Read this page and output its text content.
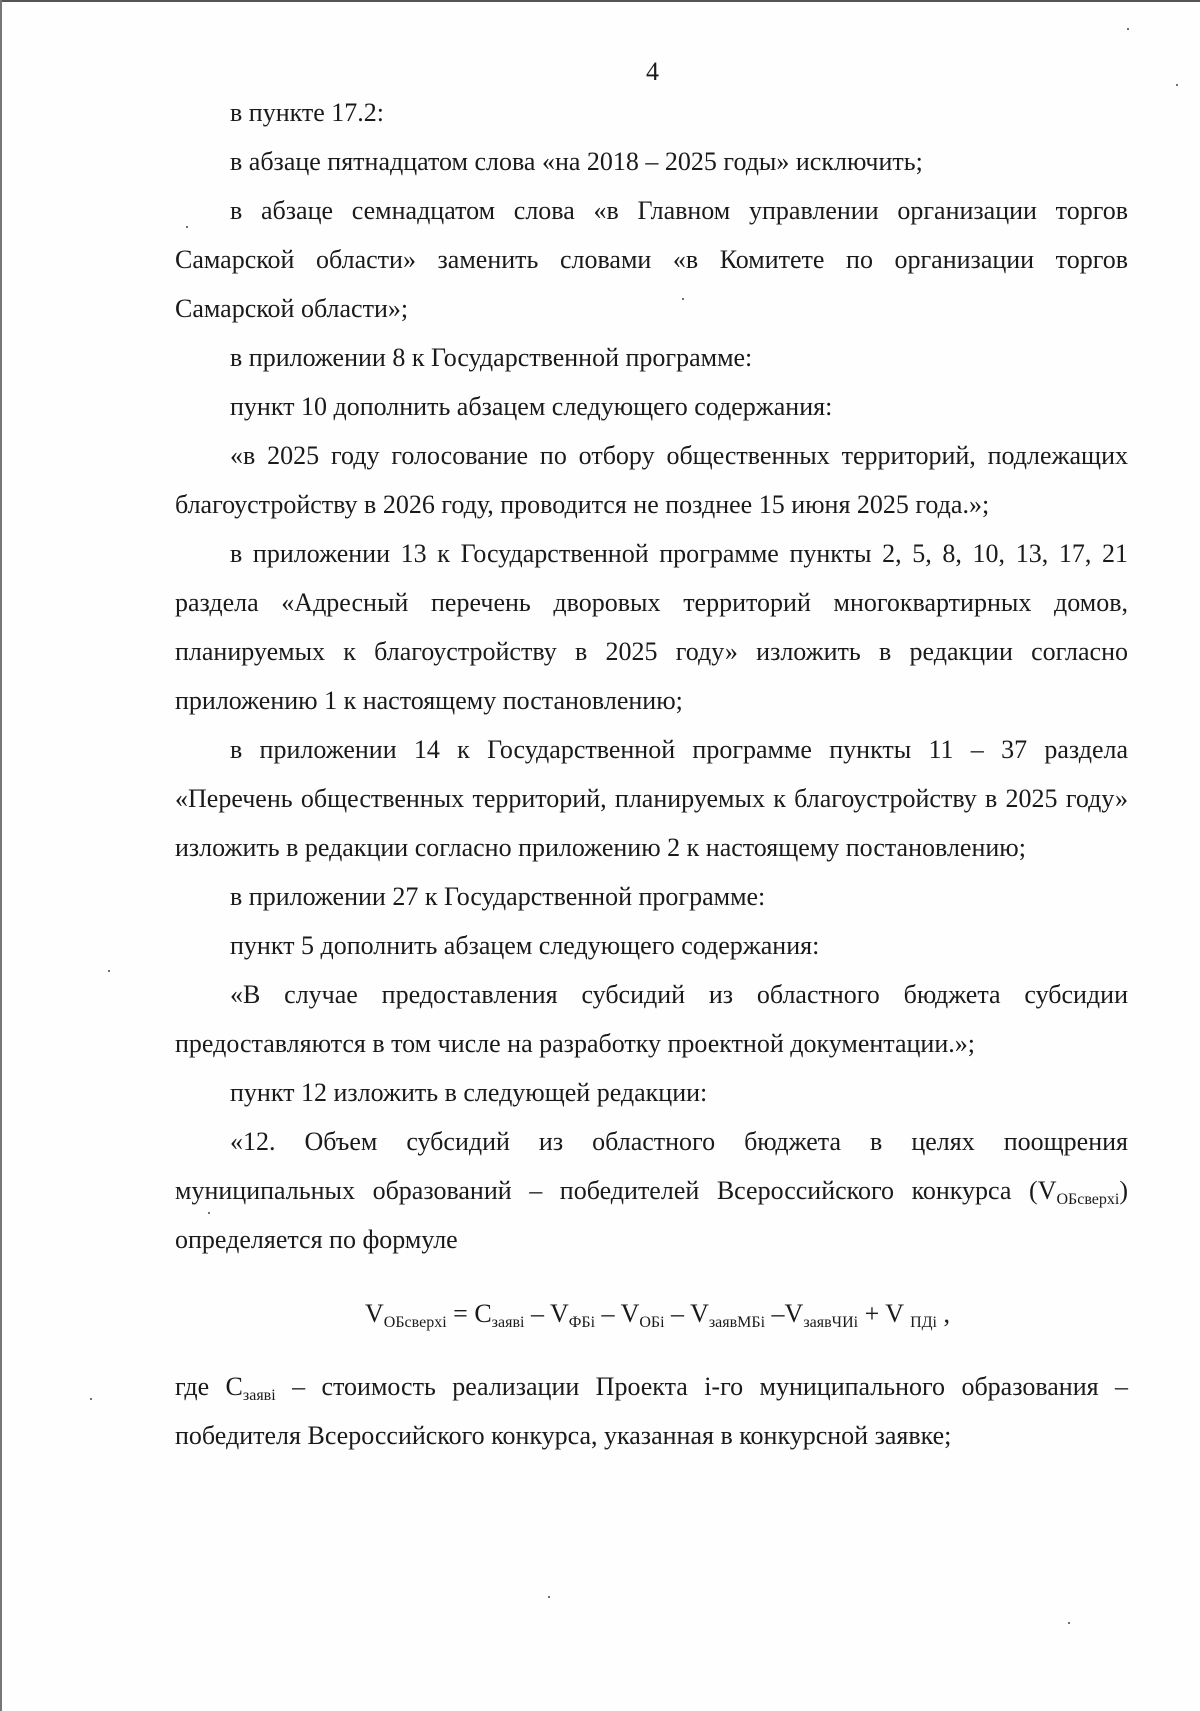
4

в пункте 17.2:

в абзаце пятнадцатом слова «на 2018 – 2025 годы» исключить;

в абзаце семнадцатом слова «в Главном управлении организации торгов Самарской области» заменить словами «в Комитете по организации торгов Самарской области»;

в приложении 8 к Государственной программе:

пункт 10 дополнить абзацем следующего содержания:

«в 2025 году голосование по отбору общественных территорий, подлежащих благоустройству в 2026 году, проводится не позднее 15 июня 2025 года.»;

в приложении 13 к Государственной программе пункты 2, 5, 8, 10, 13, 17, 21 раздела «Адресный перечень дворовых территорий многоквартирных домов, планируемых к благоустройству в 2025 году» изложить в редакции согласно приложению 1 к настоящему постановлению;

в приложении 14 к Государственной программе пункты 11 – 37 раздела «Перечень общественных территорий, планируемых к благоустройству в 2025 году» изложить в редакции согласно приложению 2 к настоящему постановлению;

в приложении 27 к Государственной программе:

пункт 5 дополнить абзацем следующего содержания:

«В случае предоставления субсидий из областного бюджета субсидии предоставляются в том числе на разработку проектной документации.»;

пункт 12 изложить в следующей редакции:

«12. Объем субсидий из областного бюджета в целях поощрения муниципальных образований – победителей Всероссийского конкурса $(V_{ОБсверхi})$ определяется по формуле

$V_{ОБсверхi} = C_{заявi} - V_{ФБi} - V_{ОБi} - V_{заявМБi}$ $-V_{заявЧИi} + V$ $_{ПДi}$ ,

где $C_{заявi}$ – стоимость реализации Проекта i-го муниципального образования – победителя Всероссийского конкурса, указанная в конкурсной заявке;
